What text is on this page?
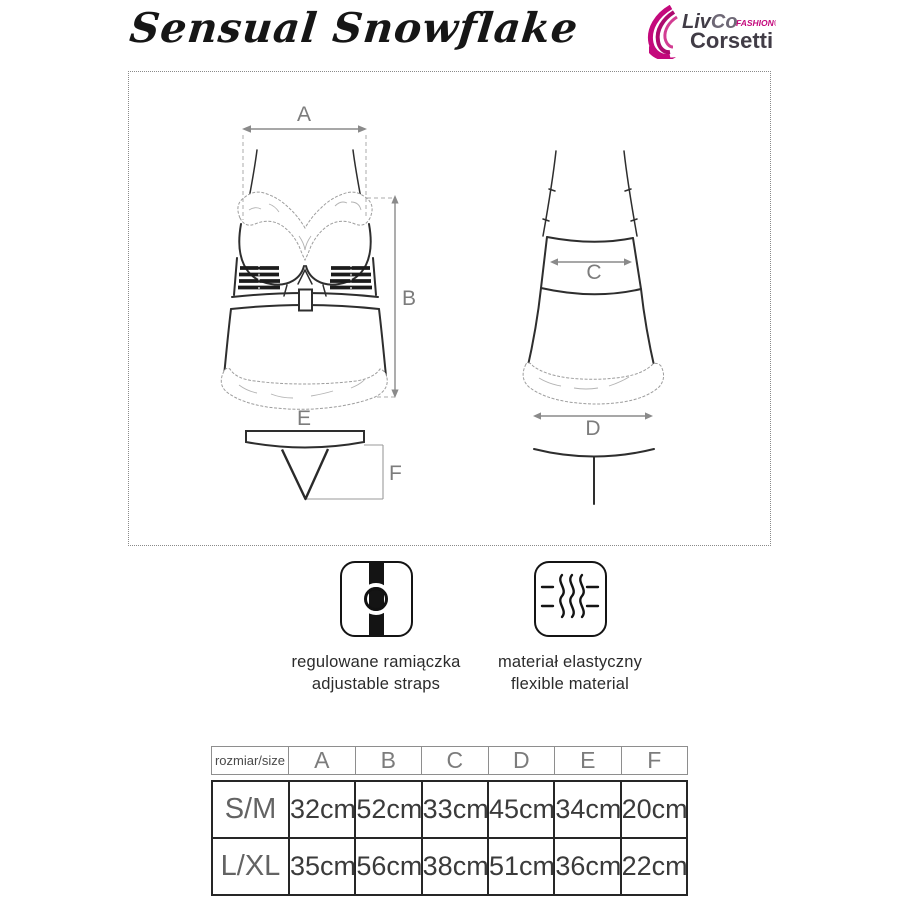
Sensual Snowflake	LivCo
FASHION®
Corsetti
A
B
C
D
E
F
regulowane ramiączka
adjustable straps
materiał elastyczny
flexible material
rozmiar/size	A	B	C	D	E	F
S/M	32cm	52cm	33cm	45cm	34cm	20cm
L/XL	35cm	56cm	38cm	51cm	36cm	22cm
